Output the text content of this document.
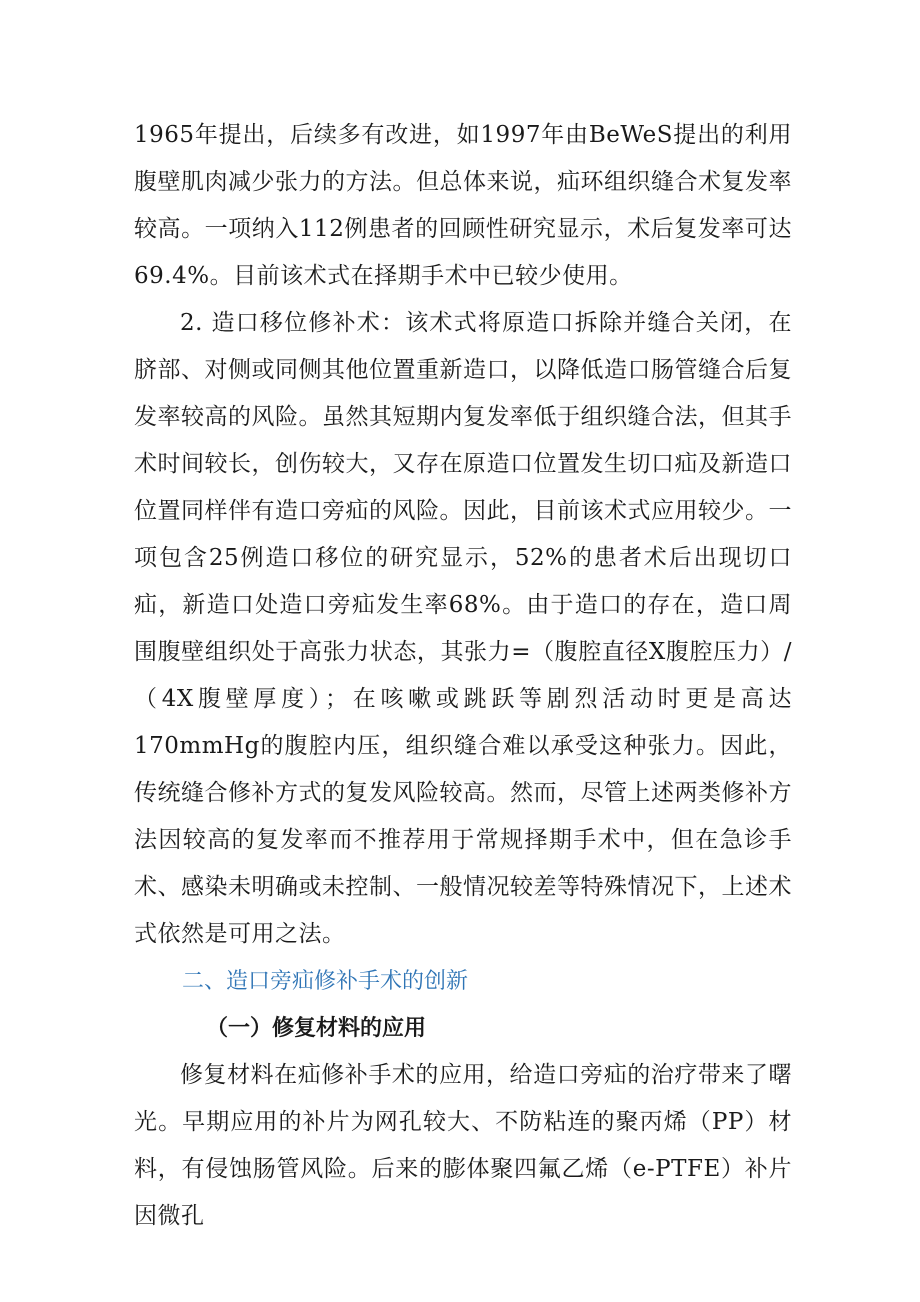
1965年提出，后续多有改进，如1997年由BeWeS提出的利用腹壁肌肉减少张力的方法。但总体来说，疝环组织缝合术复发率较高。一项纳入112例患者的回顾性研究显示，术后复发率可达69.4%。目前该术式在择期手术中已较少使用。

2. 造口移位修补术：该术式将原造口拆除并缝合关闭，在脐部、对侧或同侧其他位置重新造口，以降低造口肠管缝合后复发率较高的风险。虽然其短期内复发率低于组织缝合法，但其手术时间较长，创伤较大，又存在原造口位置发生切口疝及新造口位置同样伴有造口旁疝的风险。因此，目前该术式应用较少。一项包含25例造口移位的研究显示，52%的患者术后出现切口疝，新造口处造口旁疝发生率68%。由于造口的存在，造口周围腹壁组织处于高张力状态，其张力=（腹腔直径X腹腔压力）/（4X腹壁厚度）；在咳嗽或跳跃等剧烈活动时更是高达170mmHg的腹腔内压，组织缝合难以承受这种张力。因此，传统缝合修补方式的复发风险较高。然而，尽管上述两类修补方法因较高的复发率而不推荐用于常规择期手术中，但在急诊手术、感染未明确或未控制、一般情况较差等特殊情况下，上述术式依然是可用之法。

二、造口旁疝修补手术的创新
（一）修复材料的应用

修复材料在疝修补手术的应用，给造口旁疝的治疗带来了曙光。早期应用的补片为网孔较大、不防粘连的聚丙烯（PP）材料，有侵蚀肠管风险。后来的膨体聚四氟乙烯（e-PTFE）补片因微孔
